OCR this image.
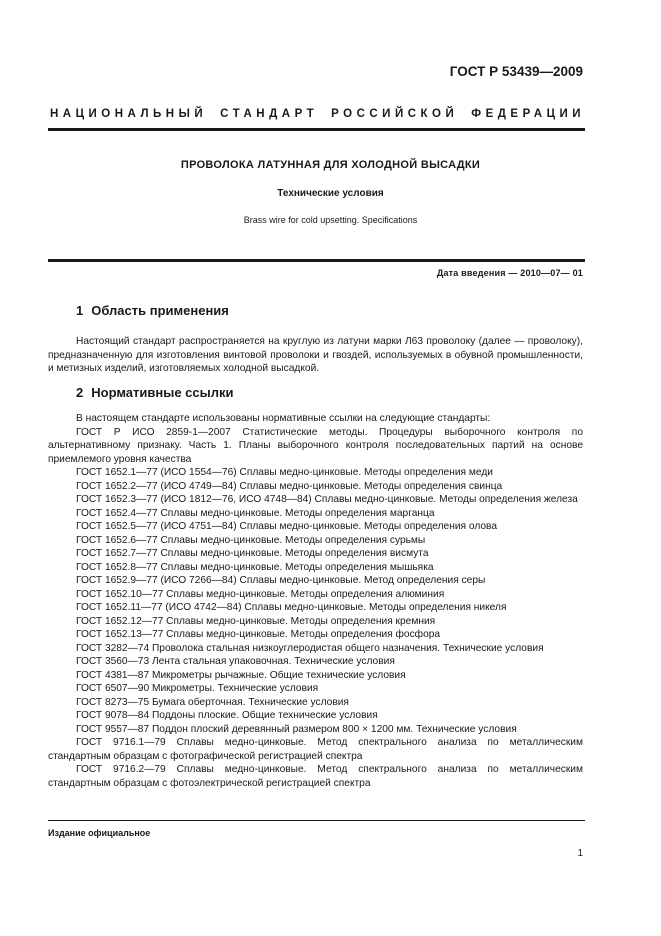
ГОСТ Р 53439—2009
НАЦИОНАЛЬНЫЙ СТАНДАРТ РОССИЙСКОЙ ФЕДЕРАЦИИ
ПРОВОЛОКА ЛАТУННАЯ ДЛЯ ХОЛОДНОЙ ВЫСАДКИ
Технические условия
Brass wire for cold upsetting. Specifications
Дата введения — 2010—07— 01
1 Область применения

Настоящий стандарт распространяется на круглую из латуни марки Л63 проволоку (далее — проволоку), предназначенную для изготовления винтовой проволоки и гвоздей, используемых в обувной промышленности, и метизных изделий, изготовляемых холодной высадкой.

2 Нормативные ссылки

В настоящем стандарте использованы нормативные ссылки на следующие стандарты:

ГОСТ Р ИСО 2859-1—2007 Статистические методы. Процедуры выборочного контроля по альтернативному признаку. Часть 1. Планы выборочного контроля последовательных партий на основе приемлемого уровня качества

ГОСТ 1652.1—77 (ИСО 1554—76) Сплавы медно-цинковые. Методы определения меди

ГОСТ 1652.2—77 (ИСО 4749—84) Сплавы медно-цинковые. Методы определения свинца

ГОСТ 1652.3—77 (ИСО 1812—76, ИСО 4748—84) Сплавы медно-цинковые. Методы определения железа

ГОСТ 1652.4—77 Сплавы медно-цинковые. Методы определения марганца

ГОСТ 1652.5—77 (ИСО 4751—84) Сплавы медно-цинковые. Методы определения олова

ГОСТ 1652.6—77 Сплавы медно-цинковые. Методы определения сурьмы

ГОСТ 1652.7—77 Сплавы медно-цинковые. Методы определения висмута

ГОСТ 1652.8—77 Сплавы медно-цинковые. Методы определения мышьяка

ГОСТ 1652.9—77 (ИСО 7266—84) Сплавы медно-цинковые. Метод определения серы

ГОСТ 1652.10—77 Сплавы медно-цинковые. Методы определения алюминия

ГОСТ 1652.11—77 (ИСО 4742—84) Сплавы медно-цинковые. Методы определения никеля

ГОСТ 1652.12—77 Сплавы медно-цинковые. Методы определения кремния

ГОСТ 1652.13—77 Сплавы медно-цинковые. Методы определения фосфора

ГОСТ 3282—74 Проволока стальная низкоуглеродистая общего назначения. Технические условия

ГОСТ 3560—73 Лента стальная упаковочная. Технические условия

ГОСТ 4381—87 Микрометры рычажные. Общие технические условия

ГОСТ 6507—90 Микрометры. Технические условия

ГОСТ 8273—75 Бумага оберточная. Технические условия

ГОСТ 9078—84 Поддоны плоские. Общие технические условия

ГОСТ 9557—87 Поддон плоский деревянный размером 800 × 1200 мм. Технические условия

ГОСТ 9716.1—79 Сплавы медно-цинковые. Метод спектрального анализа по металлическим стандартным образцам с фотографической регистрацией спектра

ГОСТ 9716.2—79 Сплавы медно-цинковые. Метод спектрального анализа по металлическим стандартным образцам с фотоэлектрической регистрацией спектра

Издание официальное
1
